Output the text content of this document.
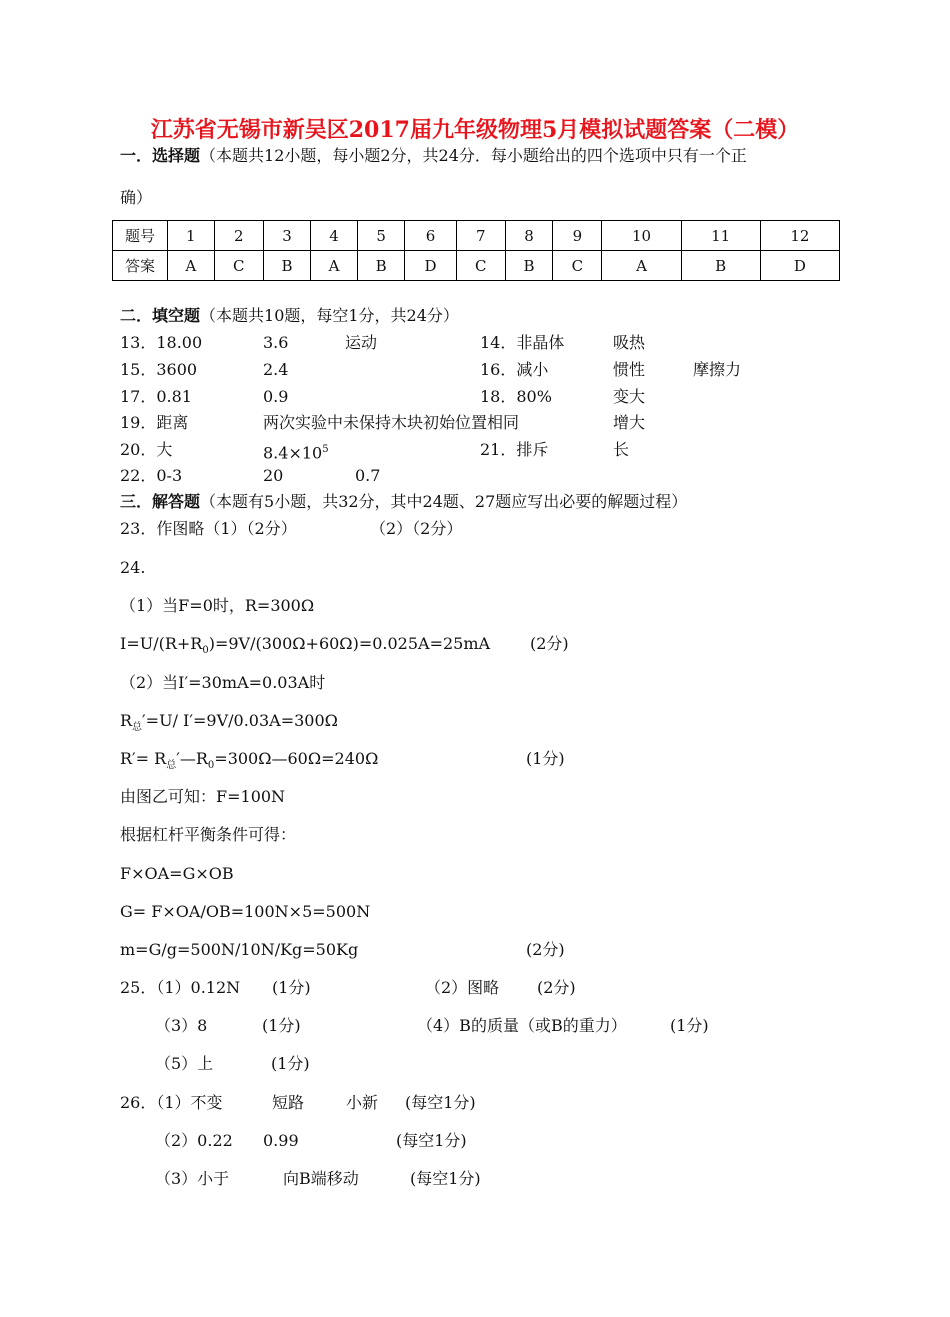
江苏省无锡市新吴区2017届九年级物理5月模拟试题答案（二模）
一．选择题（本题共12小题，每小题2分，共24分．每小题给出的四个选项中只有一个正
确）
题号	1	2	3	4	5	6	7	8	9	10	11	12
答案	A	C	B	A	B	D	C	B	C	A	B	D
二．填空题（本题共10题，每空1分，共24分）
13．18.00	3.6	运动	14．非晶体	吸热
15．3600	2.4	16．减小	惯性	摩擦力
17．0.81	0.9	18．80%	变大
19．距离	两次实验中未保持木块初始位置相同	增大
20．大	$8.4\times 10^5$	21．排斥	长
22．0-3	20	0.7
三．解答题（本题有5小题，共32分，其中24题、27题应写出必要的解题过程）
23．作图略（1）（2分）	（2）（2分）
24.
（1）当F=0时，R=300Ω
$I=U/(R+R_0)=9V/(300\Omega+60\Omega)=0.025A=25mA$ (2分)
（2）当I′=30mA=0.03A时
$R_总'=U/$ I′=9V/0.03A=300Ω
$R'= R_总'—R_0=300\Omega—60\Omega=240\Omega$	(1分)
由图乙可知：F=100N
根据杠杆平衡条件可得：
F×OA=G×OB
G= F×OA/OB=100N×5=500N
m=G/g=500N/10N/Kg=50Kg	(2分)
25．（1）0.12N (1分)	（2）图略 (2分)
（3）8	(1分)	（4）B的质量（或B的重力）	(1分)
（5）上	(1分)
26．（1）不变	短路	小新 (每空1分)
（2）0.22 0.99	(每空1分)
（3）小于	向B端移动	(每空1分)
